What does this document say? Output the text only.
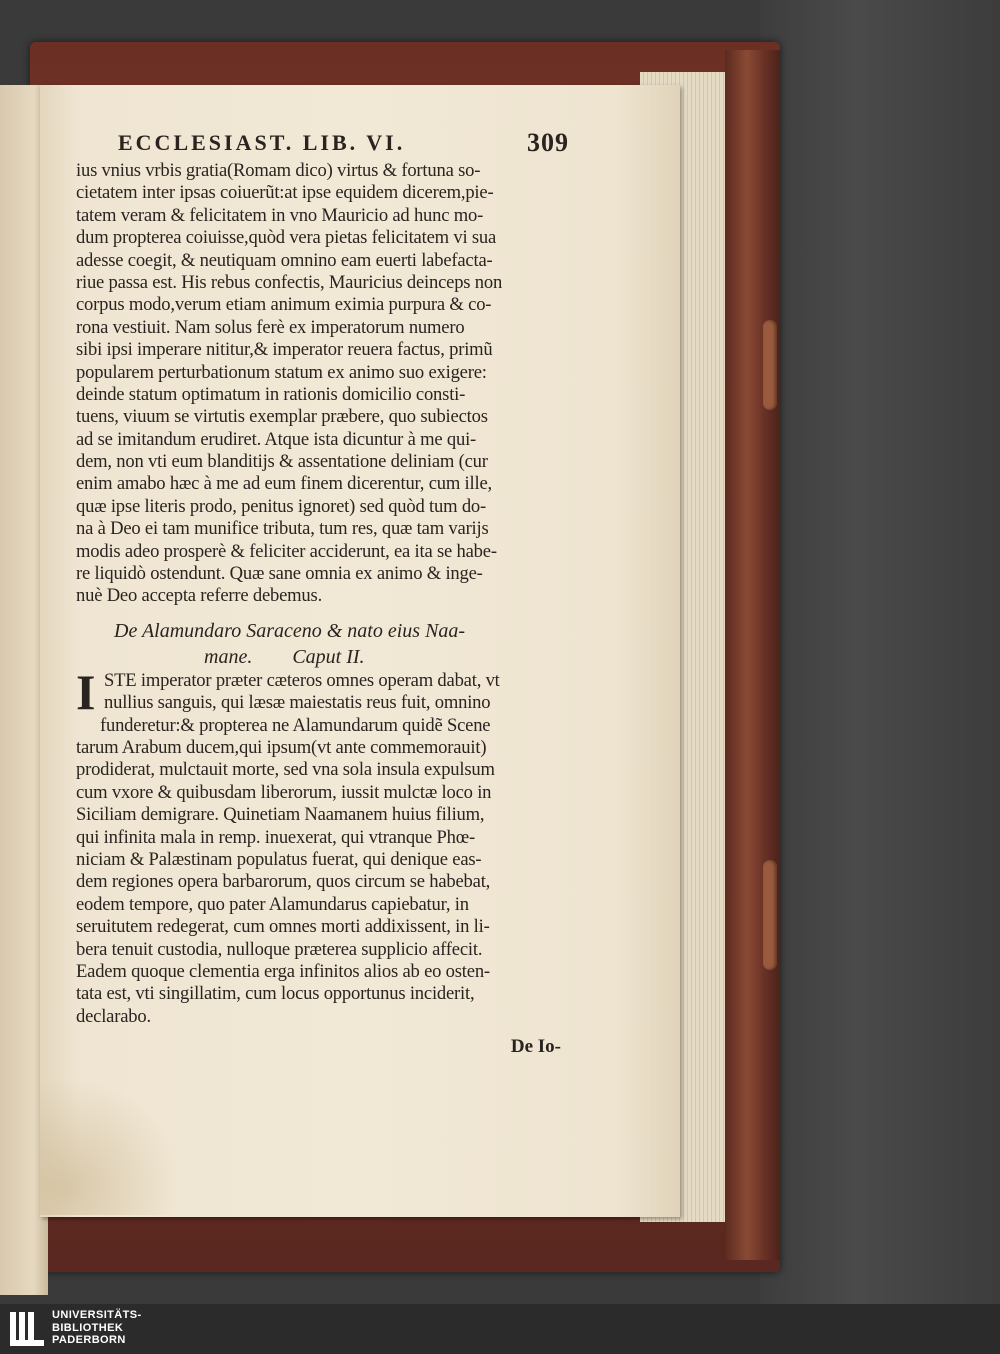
ECCLESIAST. LIB. VI.	309
ius vnius vrbis gratia(Romam dico) virtus & fortuna so-
cietatem inter ipsas coiuerũt:at ipse equidem dicerem,pie-
tatem veram & felicitatem in vno Mauricio ad hunc mo-
dum propterea coiuisse,quòd vera pietas felicitatem vi sua
adesse coegit, & neutiquam omnino eam euerti labefacta-
riue passa est. His rebus confectis, Mauricius deinceps non
corpus modo,verum etiam animum eximia purpura & co-
rona vestiuit. Nam solus ferè ex imperatorum numero
sibi ipsi imperare nititur,& imperator reuera factus, primũ
popularem perturbationum statum ex animo suo exigere:
deinde statum optimatum in rationis domicilio consti-
tuens, viuum se virtutis exemplar præbere, quo subiectos
ad se imitandum erudiret. Atque ista dicuntur à me qui-
dem, non vti eum blanditijs & assentatione deliniam (cur
enim amabo hæc à me ad eum finem dicerentur, cum ille,
quæ ipse literis prodo, penitus ignoret) sed quòd tum do-
na à Deo ei tam munifice tributa, tum res, quæ tam varijs
modis adeo prosperè & feliciter acciderunt, ea ita se habe-
re liquidò ostendunt. Quæ sane omnia ex animo & inge-
nuè Deo accepta referre debemus.
De Alamundaro Saraceno & nato eius Naa-
mane.        Caput II.
I STE imperator præter cæteros omnes operam dabat, vt
nullius sanguis, qui læsæ maiestatis reus fuit, omnino
funderetur:& propterea ne Alamundarum quidẽ Scene
tarum Arabum ducem,qui ipsum(vt ante commemorauit)
prodiderat, mulctauit morte, sed vna sola insula expulsum
cum vxore & quibusdam liberorum, iussit mulctæ loco in
Siciliam demigrare. Quinetiam Naamanem huius filium,
qui infinita mala in remp. inuexerat, qui vtranque Phœ-
niciam & Palæstinam populatus fuerat, qui denique eas-
dem regiones opera barbarorum, quos circum se habebat,
eodem tempore, quo pater Alamundarus capiebatur, in
seruitutem redegerat, cum omnes morti addixissent, in li-
bera tenuit custodia, nulloque præterea supplicio affecit.
Eadem quoque clementia erga infinitos alios ab eo osten-
tata est, vti singillatim, cum locus opportunus inciderit,
declarabo.
De Io-
UNIVERSITÄTS-
BIBLIOTHEK
PADERBORN
